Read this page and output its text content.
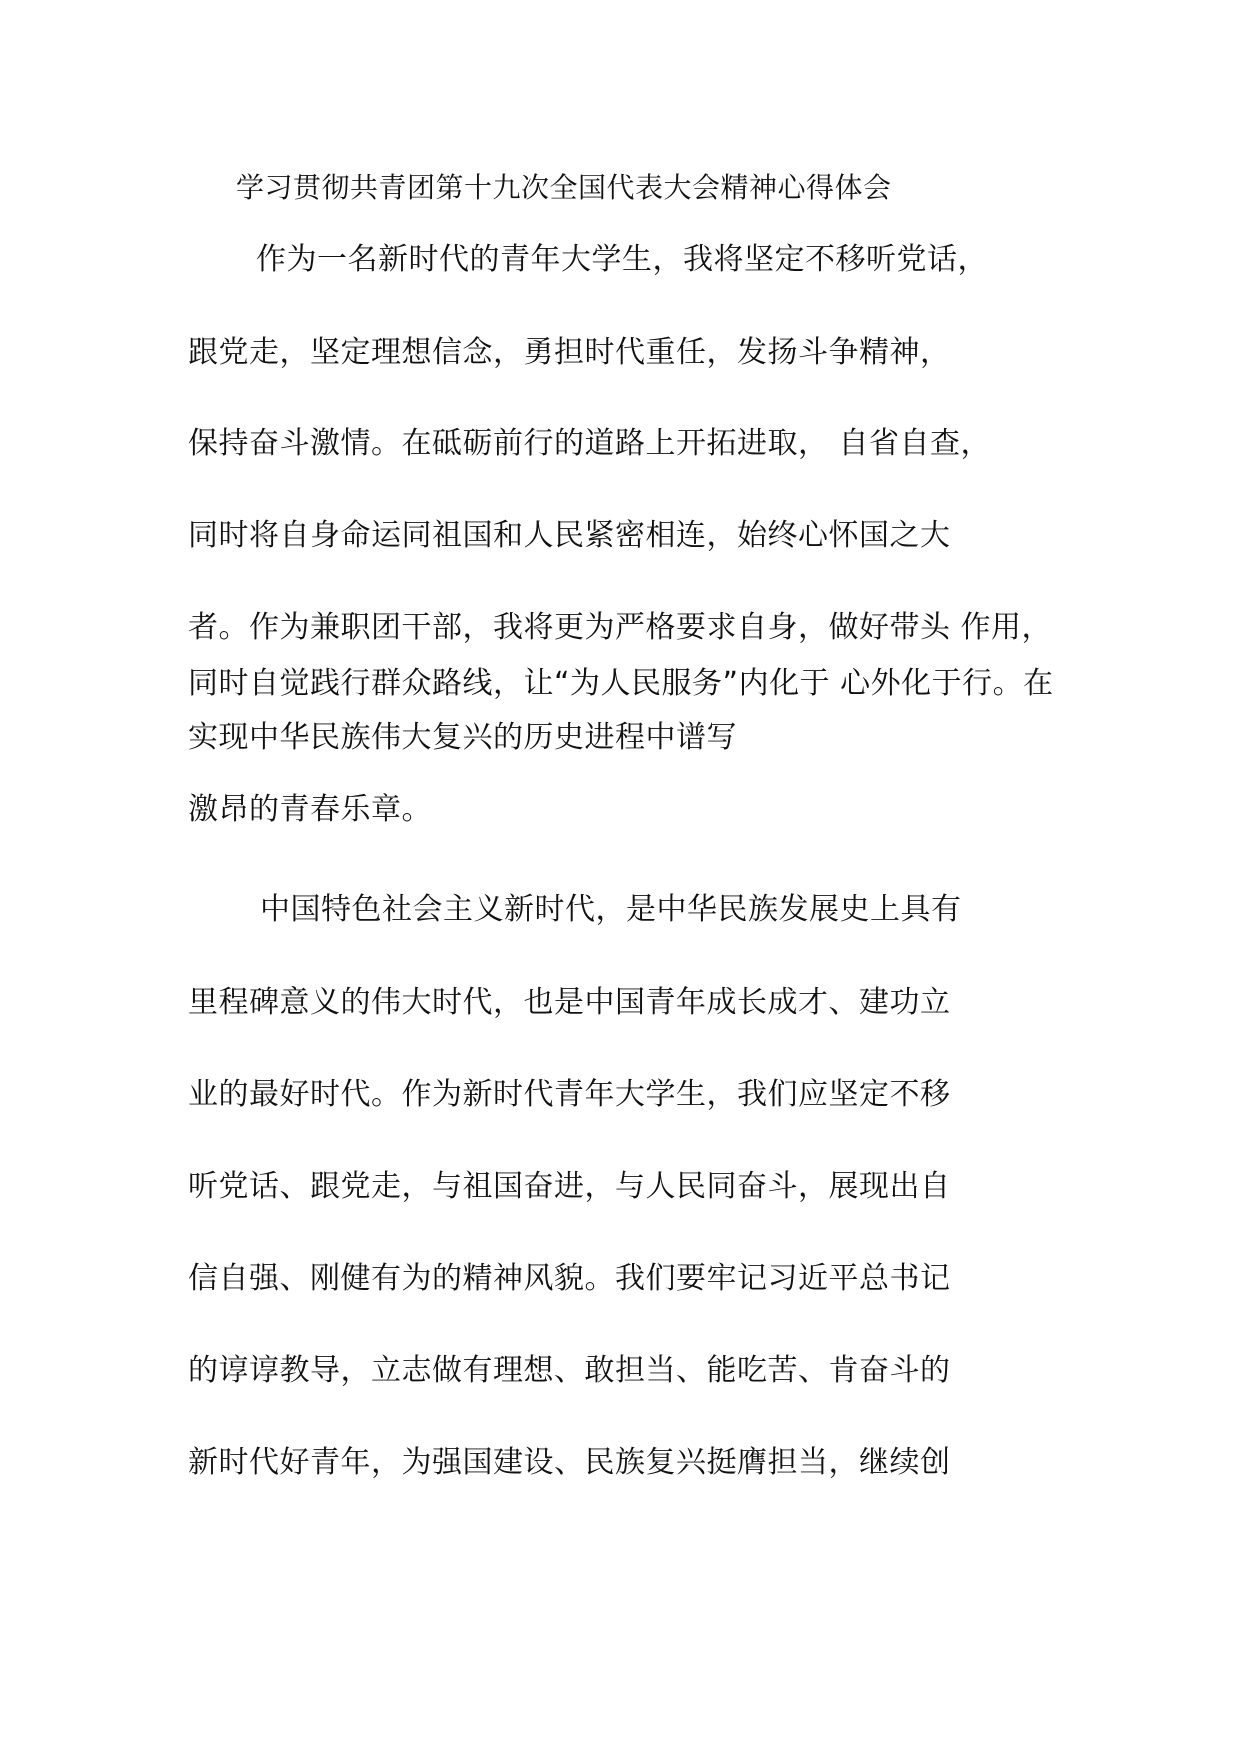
学习贯彻共青团第十九次全国代表大会精神心得体会
作为一名新时代的青年大学生，我将坚定不移听党话，
跟党走，坚定理想信念，勇担时代重任，发扬斗争精神，
保持奋斗激情。在砥砺前行的道路上开拓进取， 自省自查，
同时将自身命运同祖国和人民紧密相连，始终心怀国之大
者。作为兼职团干部，我将更为严格要求自身，做好带头 作用，
同时自觉践行群众路线，让“为人民服务”内化于 心外化于行。在
实现中华民族伟大复兴的历史进程中谱写
激昂的青春乐章。
中国特色社会主义新时代，是中华民族发展史上具有
里程碑意义的伟大时代，也是中国青年成长成才、建功立
业的最好时代。作为新时代青年大学生，我们应坚定不移
听党话、跟党走，与祖国奋进，与人民同奋斗，展现出自
信自强、刚健有为的精神风貌。我们要牢记习近平总书记
的谆谆教导，立志做有理想、敢担当、能吃苦、肯奋斗的
新时代好青年，为强国建设、民族复兴挺膺担当，继续创
